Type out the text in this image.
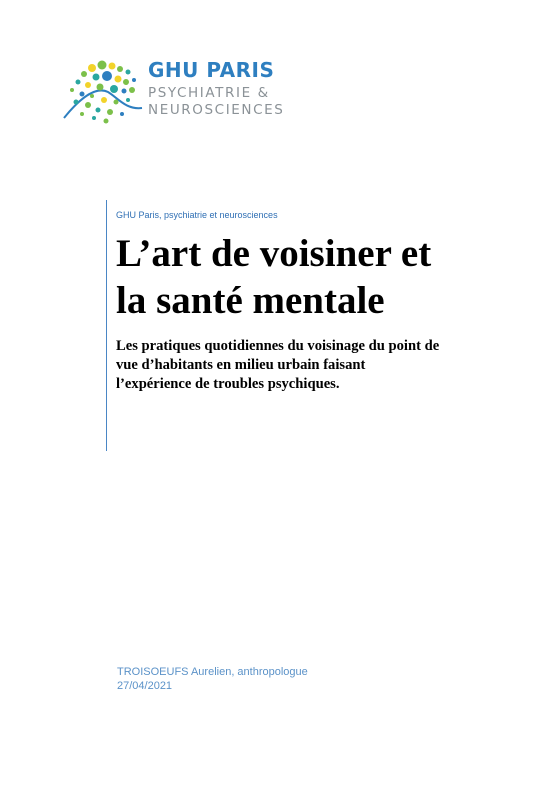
GHU PARIS
PSYCHIATRIE &
NEUROSCIENCES
GHU Paris, psychiatrie et neurosciences
L’art de voisiner et la santé mentale
Les pratiques quotidiennes du voisinage du point de vue d’habitants en milieu urbain faisant l’expérience de troubles psychiques.
TROISOEUFS Aurelien, anthropologue
27/04/2021
